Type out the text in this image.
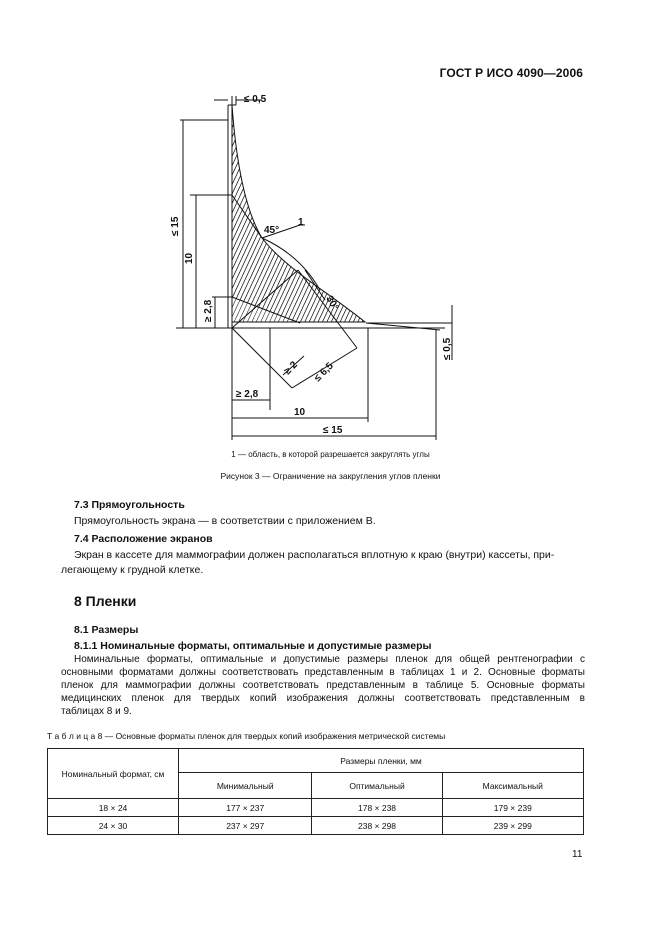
ГОСТ Р ИСО 4090—2006
≤ 0,5
≤ 15
10
≥ 2,8
1
45°
30°
≤ 0,5
≥ 2 ≤ 6,5
≥ 2,8
10
≤ 15
1 — область, в которой разрешается закруглять углы
Рисунок 3 — Ограничение на закругления углов пленки
7.3 Прямоугольность
Прямоугольность экрана — в соответствии с приложением В.
7.4 Расположение экранов
Экран в кассете для маммографии должен располагаться вплотную к краю (внутри) кассеты, при-
легающему к грудной клетке.
8 Пленки
8.1 Размеры
8.1.1 Номинальные форматы, оптимальные и допустимые размеры
Номинальные форматы, оптимальные и допустимые размеры пленок для общей рентгенографии с
основными форматами должны соответствовать представленным в таблицах 1 и 2. Основные форматы
пленок для маммографии должны соответствовать представленным в таблице 5. Основные форматы
медицинских пленок для твердых копий изображения должны соответствовать представленным в
таблицах 8 и 9.
Т а б л и ц а 8 — Основные форматы пленок для твердых копий изображения метрической системы
Номинальный формат, см	Размеры пленки, мм		
	Минимальный	Оптимальный	Максимальный
18 × 24	177 × 237	178 × 238	179 × 239
24 × 30	237 × 297	238 × 298	239 × 299
11
